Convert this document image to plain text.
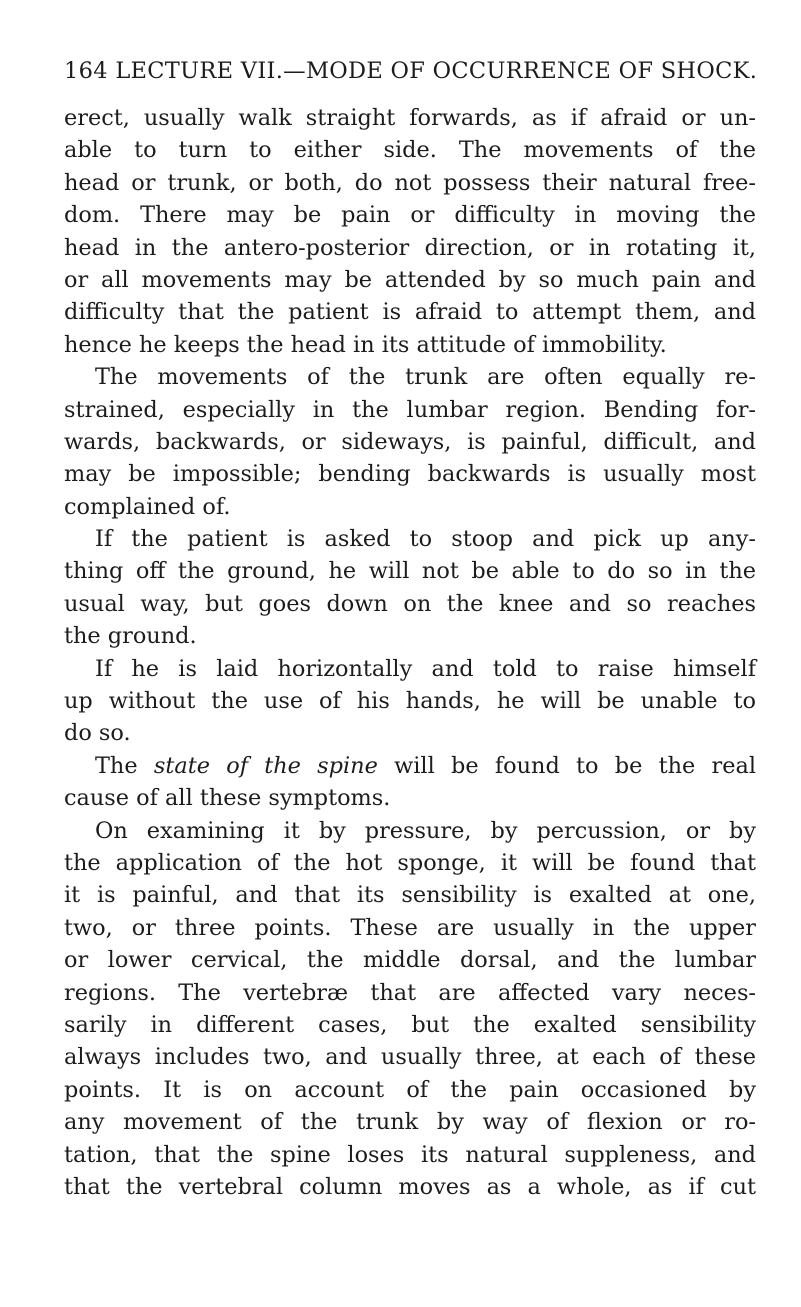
164 LECTURE VII.—MODE OF OCCURRENCE OF SHOCK.
erect, usually walk straight forwards, as if afraid or un-
able to turn to either side. The movements of the
head or trunk, or both, do not possess their natural free-
dom. There may be pain or difficulty in moving the
head in the antero-posterior direction, or in rotating it,
or all movements may be attended by so much pain and
difficulty that the patient is afraid to attempt them, and
hence he keeps the head in its attitude of immobility.
The movements of the trunk are often equally re-
strained, especially in the lumbar region. Bending for-
wards, backwards, or sideways, is painful, difficult, and
may be impossible; bending backwards is usually most
complained of.
If the patient is asked to stoop and pick up any-
thing off the ground, he will not be able to do so in the
usual way, but goes down on the knee and so reaches
the ground.
If he is laid horizontally and told to raise himself
up without the use of his hands, he will be unable to
do so.
The state of the spine will be found to be the real
cause of all these symptoms.
On examining it by pressure, by percussion, or by
the application of the hot sponge, it will be found that
it is painful, and that its sensibility is exalted at one,
two, or three points. These are usually in the upper
or lower cervical, the middle dorsal, and the lumbar
regions. The vertebræ that are affected vary neces-
sarily in different cases, but the exalted sensibility
always includes two, and usually three, at each of these
points. It is on account of the pain occasioned by
any movement of the trunk by way of flexion or ro-
tation, that the spine loses its natural suppleness, and
that the vertebral column moves as a whole, as if cut
